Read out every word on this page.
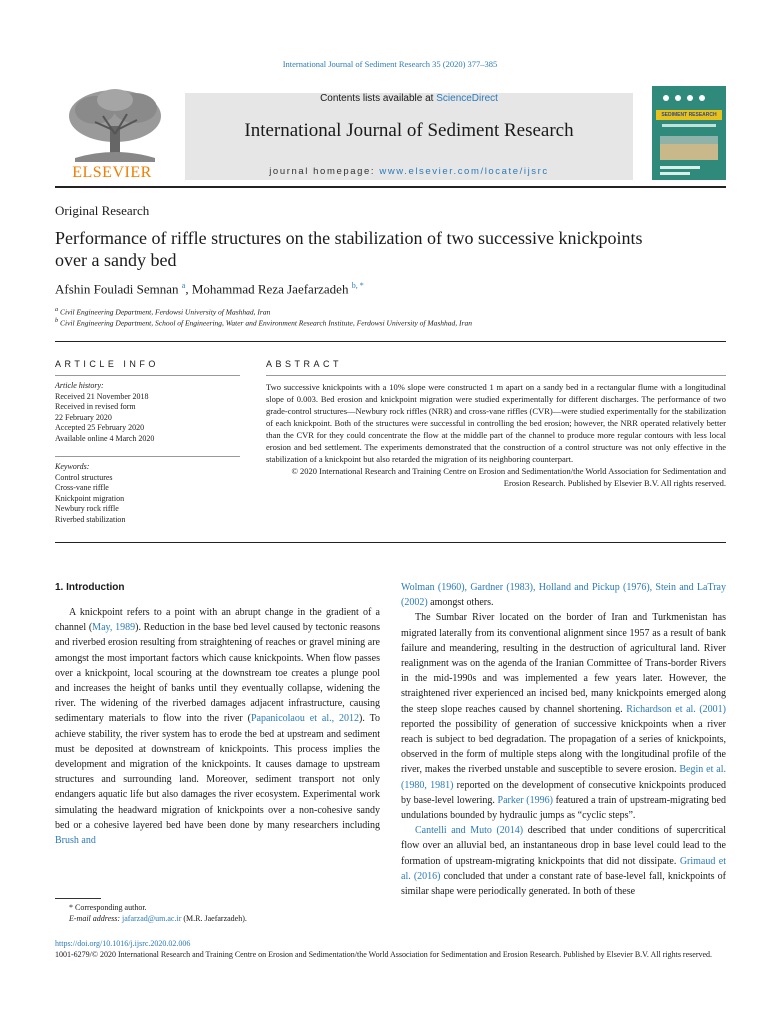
International Journal of Sediment Research 35 (2020) 377–385
Contents lists available at ScienceDirect
International Journal of Sediment Research
journal homepage: www.elsevier.com/locate/ijsrc
ELSEVIER
SEDIMENT RESEARCH
Original Research
Performance of riffle structures on the stabilization of two successive knickpoints over a sandy bed
Afshin Fouladi Semnan $^a$, Mohammad Reza Jaefarzadeh $^{b, *}$
$^a$ Civil Engineering Department, Ferdowsi University of Mashhad, Iran
$^b$ Civil Engineering Department, School of Engineering, Water and Environment Research Institute, Ferdowsi University of Mashhad, Iran
ARTICLE INFO
Article history:
Received 21 November 2018
Received in revised form
22 February 2020
Accepted 25 February 2020
Available online 4 March 2020
Keywords:
Control structures
Cross-vane riffle
Knickpoint migration
Newbury rock riffle
Riverbed stabilization
ABSTRACT
Two successive knickpoints with a 10% slope were constructed 1 m apart on a sandy bed in a rectangular flume with a longitudinal slope of 0.003. Bed erosion and knickpoint migration were studied experimentally for different discharges. The performance of two grade-control structures—Newbury rock riffles (NRR) and cross-vane riffles (CVR)—were studied experimentally for the stabilization of each knickpoint. Both of the structures were successful in controlling the bed erosion; however, the NRR operated relatively better than the CVR for they could concentrate the flow at the middle part of the channel to produce more regular contours with less local erosion and bed settlement. The experiments demonstrated that the construction of a control structure was not only effective in the stabilization of a knickpoint but also retarded the migration of its neighboring counterpart.
© 2020 International Research and Training Centre on Erosion and Sedimentation/the World Association for Sedimentation and Erosion Research. Published by Elsevier B.V. All rights reserved.
1. Introduction

A knickpoint refers to a point with an abrupt change in the gradient of a channel (May, 1989). Reduction in the base bed level caused by tectonic reasons and riverbed erosion resulting from straightening of reaches or gravel mining are amongst the most important factors which cause knickpoints. When flow passes over a knickpoint, local scouring at the downstream toe creates a plunge pool and increases the height of banks until they eventually collapse, widening the river. The widening of the riverbed damages adjacent infrastructure, causing sedimentary materials to flow into the river (Papanicolaou et al., 2012). To achieve stability, the river system has to erode the bed at upstream and sediment must be deposited at downstream of knickpoints. This process implies the development and migration of the knickpoints. It causes damage to upstream structures and surrounding land. Moreover, sediment transport not only endangers aquatic life but also damages the river ecosystem. Experimental work simulating the headward migration of knickpoints over a non-cohesive sandy bed or a cohesive layered bed have been done by many researchers including Brush and

Wolman (1960), Gardner (1983), Holland and Pickup (1976), Stein and LaTray (2002) amongst others.

The Sumbar River located on the border of Iran and Turkmenistan has migrated laterally from its conventional alignment since 1957 as a result of bank failure and meandering, resulting in the destruction of agricultural land. River realignment was on the agenda of the Iranian Committee of Trans-border Rivers in the mid-1990s and was implemented a few years later. However, the straightened river experienced an incised bed, many knickpoints emerged along the steep slope reaches caused by channel shortening. Richardson et al. (2001) reported the possibility of generation of successive knickpoints when a river reach is subject to bed degradation. The propagation of a series of knickpoints, observed in the form of multiple steps along with the longitudinal profile of the river, makes the riverbed unstable and susceptible to severe erosion. Begin et al. (1980, 1981) reported on the development of consecutive knickpoints produced by base-level lowering. Parker (1996) featured a train of upstream-migrating bed undulations bounded by hydraulic jumps as “cyclic steps”.

Cantelli and Muto (2014) described that under conditions of supercritical flow over an alluvial bed, an instantaneous drop in base level could lead to the formation of upstream-migrating knickpoints that did not dissipate. Grimaud et al. (2016) concluded that under a constant rate of base-level fall, knickpoints of similar shape were periodically generated. In both of these

* Corresponding author.
E-mail address: jafarzad@um.ac.ir (M.R. Jaefarzadeh).
https://doi.org/10.1016/j.ijsrc.2020.02.006
1001-6279/© 2020 International Research and Training Centre on Erosion and Sedimentation/the World Association for Sedimentation and Erosion Research. Published by Elsevier B.V. All rights reserved.
